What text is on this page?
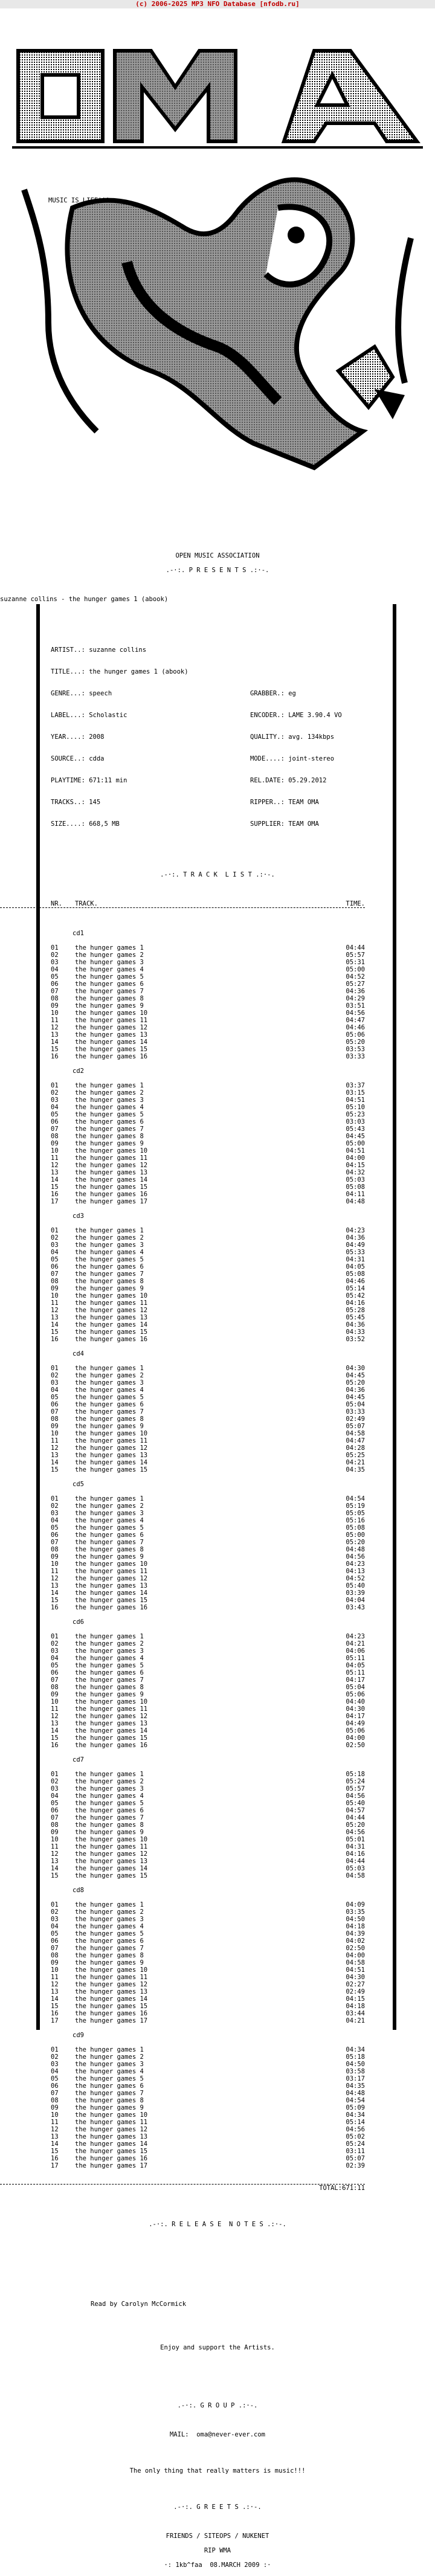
(c) 2006-2025 MP3 NFO Database [nfodb.ru]

MUSIC IS LIFE!!!

OPEN MUSIC ASSOCIATION

.-·:. P R E S E N T S .:·-.

suzanne collins - the hunger games 1 (abook)

ARTIST..: suzanne collins

TITLE...: the hunger games 1 (abook)

GENRE...: speech

LABEL...: Scholastic

YEAR....: 2008

SOURCE..: cdda

PLAYTIME: 671:11 min

TRACKS..: 145

SIZE....: 668,5 MB

GRABBER.: eg

ENCODER.: LAME 3.90.4 VO

QUALITY.: avg. 134kbps

MODE....: joint-stereo

REL.DATE: 05.29.2012

RIPPER..: TEAM OMA

SUPPLIER: TEAM OMA

.-·:. T R A C K  L I S T .:·-.

NR.	TRACK.	TIME.

cd1
01	the hunger games 1	04:44
02	the hunger games 2	05:57
03	the hunger games 3	05:31
04	the hunger games 4	05:00
05	the hunger games 5	04:52
06	the hunger games 6	05:27
07	the hunger games 7	04:36
08	the hunger games 8	04:29
09	the hunger games 9	03:51
10	the hunger games 10	04:56
11	the hunger games 11	04:47
12	the hunger games 12	04:46
13	the hunger games 13	05:06
14	the hunger games 14	05:20
15	the hunger games 15	03:53
16	the hunger games 16	03:33
cd2
01	the hunger games 1	03:37
02	the hunger games 2	03:15
03	the hunger games 3	04:51
04	the hunger games 4	05:10
05	the hunger games 5	05:23
06	the hunger games 6	03:03
07	the hunger games 7	05:43
08	the hunger games 8	04:45
09	the hunger games 9	05:00
10	the hunger games 10	04:51
11	the hunger games 11	04:00
12	the hunger games 12	04:15
13	the hunger games 13	04:32
14	the hunger games 14	05:03
15	the hunger games 15	05:08
16	the hunger games 16	04:11
17	the hunger games 17	04:48
cd3
01	the hunger games 1	04:23
02	the hunger games 2	04:36
03	the hunger games 3	04:49
04	the hunger games 4	05:33
05	the hunger games 5	04:31
06	the hunger games 6	04:05
07	the hunger games 7	05:08
08	the hunger games 8	04:46
09	the hunger games 9	05:14
10	the hunger games 10	05:42
11	the hunger games 11	04:16
12	the hunger games 12	05:28
13	the hunger games 13	05:45
14	the hunger games 14	04:36
15	the hunger games 15	04:33
16	the hunger games 16	03:52
cd4
01	the hunger games 1	04:30
02	the hunger games 2	04:45
03	the hunger games 3	05:20
04	the hunger games 4	04:36
05	the hunger games 5	04:45
06	the hunger games 6	05:04
07	the hunger games 7	03:33
08	the hunger games 8	02:49
09	the hunger games 9	05:07
10	the hunger games 10	04:58
11	the hunger games 11	04:47
12	the hunger games 12	04:28
13	the hunger games 13	05:25
14	the hunger games 14	04:21
15	the hunger games 15	04:35
cd5
01	the hunger games 1	04:54
02	the hunger games 2	05:19
03	the hunger games 3	05:05
04	the hunger games 4	05:16
05	the hunger games 5	05:08
06	the hunger games 6	05:00
07	the hunger games 7	05:20
08	the hunger games 8	04:48
09	the hunger games 9	04:56
10	the hunger games 10	04:23
11	the hunger games 11	04:13
12	the hunger games 12	04:52
13	the hunger games 13	05:40
14	the hunger games 14	03:39
15	the hunger games 15	04:04
16	the hunger games 16	03:43
cd6
01	the hunger games 1	04:23
02	the hunger games 2	04:21
03	the hunger games 3	04:06
04	the hunger games 4	05:11
05	the hunger games 5	04:05
06	the hunger games 6	05:11
07	the hunger games 7	04:17
08	the hunger games 8	05:04
09	the hunger games 9	05:06
10	the hunger games 10	04:40
11	the hunger games 11	04:30
12	the hunger games 12	04:17
13	the hunger games 13	04:49
14	the hunger games 14	05:06
15	the hunger games 15	04:00
16	the hunger games 16	02:50
cd7
01	the hunger games 1	05:18
02	the hunger games 2	05:24
03	the hunger games 3	05:57
04	the hunger games 4	04:56
05	the hunger games 5	05:40
06	the hunger games 6	04:57
07	the hunger games 7	04:44
08	the hunger games 8	05:20
09	the hunger games 9	04:56
10	the hunger games 10	05:01
11	the hunger games 11	04:31
12	the hunger games 12	04:16
13	the hunger games 13	04:44
14	the hunger games 14	05:03
15	the hunger games 15	04:58
cd8
01	the hunger games 1	04:09
02	the hunger games 2	03:35
03	the hunger games 3	04:50
04	the hunger games 4	04:18
05	the hunger games 5	04:39
06	the hunger games 6	04:02
07	the hunger games 7	02:50
08	the hunger games 8	04:00
09	the hunger games 9	04:58
10	the hunger games 10	04:51
11	the hunger games 11	04:30
12	the hunger games 12	02:27
13	the hunger games 13	02:49
14	the hunger games 14	04:15
15	the hunger games 15	04:18
16	the hunger games 16	03:44
17	the hunger games 17	04:21
cd9
01	the hunger games 1	04:34
02	the hunger games 2	05:18
03	the hunger games 3	04:50
04	the hunger games 4	03:58
05	the hunger games 5	03:17
06	the hunger games 6	04:35
07	the hunger games 7	04:48
08	the hunger games 8	04:54
09	the hunger games 9	05:09
10	the hunger games 10	04:34
11	the hunger games 11	05:14
12	the hunger games 12	04:56
13	the hunger games 13	05:02
14	the hunger games 14	05:24
15	the hunger games 15	03:11
16	the hunger games 16	05:07
17	the hunger games 17	02:39

TOTAL:671:11

.-·:. R E L E A S E  N O T E S .:·-.

Read by Carolyn McCormick

Enjoy and support the Artists.

.-·:. G R O U P .:·-.

MAIL:  oma@never-ever.com

The only thing that really matters is music!!!

.-·:. G R E E T S .:·-.

FRIENDS / SITEOPS / NUKENET

RIP WMA

·: 1kb^faa  08.MARCH 2009 :·
